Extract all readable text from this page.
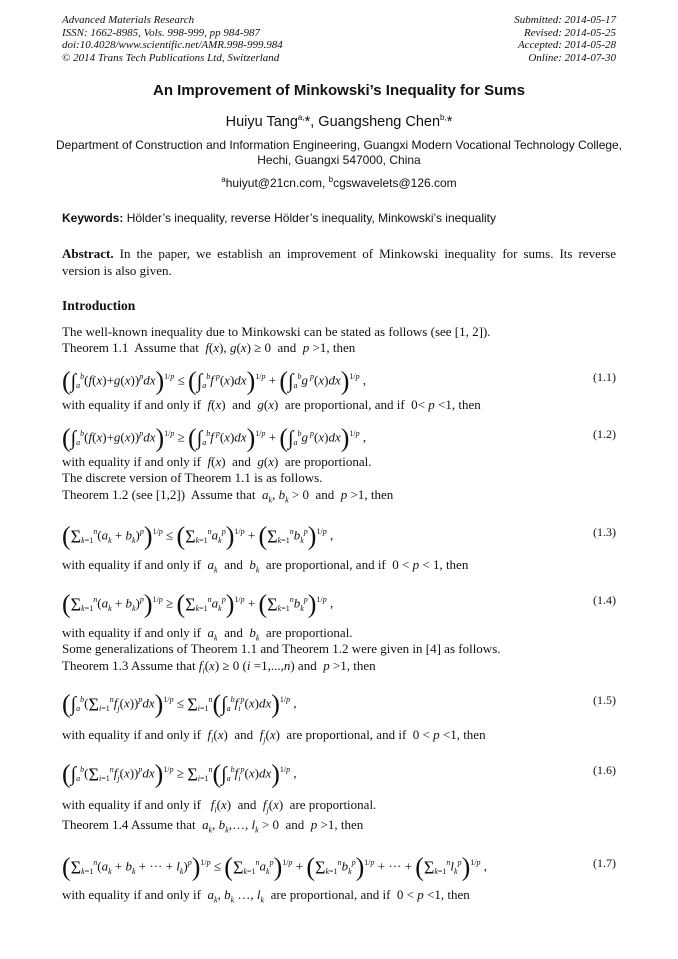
Advanced Materials Research
ISSN: 1662-8985, Vols. 998-999, pp 984-987
doi:10.4028/www.scientific.net/AMR.998-999.984
© 2014 Trans Tech Publications Ltd, Switzerland
Submitted: 2014-05-17
Revised: 2014-05-25
Accepted: 2014-05-28
Online: 2014-07-30
An Improvement of Minkowski’s Inequality for Sums
Huiyu Tang$^{a,}$*, Guangsheng Chen$^{b,}$*
Department of Construction and Information Engineering, Guangxi Modern Vocational Technology College, Hechi, Guangxi 547000, China
$^a$huiyut@21cn.com, $^b$cgswavelets@126.com
Keywords: Hölder’s inequality, reverse Hölder’s inequality, Minkowski’s inequality
Abstract. In the paper, we establish an improvement of Minkowski inequality for sums. Its reverse version is also given.
Introduction
The well-known inequality due to Minkowski can be stated as follows (see [1, 2]).
Theorem 1.1  Assume that  f(x), g(x) ≥ 0  and  p >1, then
$(\int_a^b(f(x)+g(x))^pdx)^{1/p} \le (\int_a^bf$ $^p(x)dx)^{1/p} + (\int_a^bg$ $^p$(x)dx)$^{1/p}$ ,	(1.1)
with equality if and only if  f(x)  and  g(x)  are proportional, and if  0< p <1, then
$(\int_a^b(f(x)+g(x))^pdx)^{1/p} \ge (\int_a^bf$ $^p(x)dx)^{1/p} + (\int_a^bg$ $^p$(x)dx)$^{1/p}$ ,	(1.2)
with equality if and only if  f(x)  and  g(x)  are proportional.
The discrete version of Theorem 1.1 is as follows.
Theorem 1.2 (see [1,2])  Assume that  $a_k$, $b_k > 0$  and  p >1, then
$(\Sigma_{k=1}^n(a_k + b_k)^p)^{1/p} \le (\Sigma_{k=1}^na_k^p)^{1/p} + (\Sigma_{k=1}^nb_k^p)^{1/p}$ ,	(1.3)
with equality if and only if  $a_k$  and  $b_k$  are proportional, and if  0 < p < 1, then
$(\Sigma_{k=1}^n(a_k + b_k)^p)^{1/p} \ge (\Sigma_{k=1}^na_k^p)^{1/p} + (\Sigma_{k=1}^nb_k^p)^{1/p}$ ,	(1.4)
with equality if and only if  $a_k$  and  $b_k$  are proportional.
Some generalizations of Theorem 1.1 and Theorem 1.2 were given in [4] as follows.
Theorem 1.3 Assume that $f_i(x) \ge 0$ (i =1,...,n) and  p >1, then
$(\int_a^b(\Sigma_{i=1}^nf_j(x))^pdx)^{1/p} \le \Sigma_{i=1}^n(\int_a^bf_i^p(x)dx)^{1/p}$ ,	(1.5)
with equality if and only if  $f_i(x)$  and  $f_j(x)$  are proportional, and if  0 < p <1, then
$(\int_a^b(\Sigma_{i=1}^nf_j(x))^pdx)^{1/p} \ge \Sigma_{i=1}^n(\int_a^bf_i^p(x)dx)^{1/p}$ ,	(1.6)
with equality if and only if   $f_i(x)$  and  $f_j(x)$  are proportional.
Theorem 1.4 Assume that  $a_k$, $b_k,\dots$, $l_k > 0$  and  p >1, then
($\Sigma_{k=1}^n(a_k + b_k$ + ··· + $l_k)^p)^{1/p} \le (\Sigma_{k=1}^na_k^p)^{1/p} + (\Sigma_{k=1}^nb_k^p)^{1/p}$ + ··· + $(\Sigma_{k=1}^nl_k^p)^{1/p}$ ,	(1.7)
with equality if and only if  $a_k$, $b_k$ …, $l_k$  are proportional, and if  0 < p <1, then
